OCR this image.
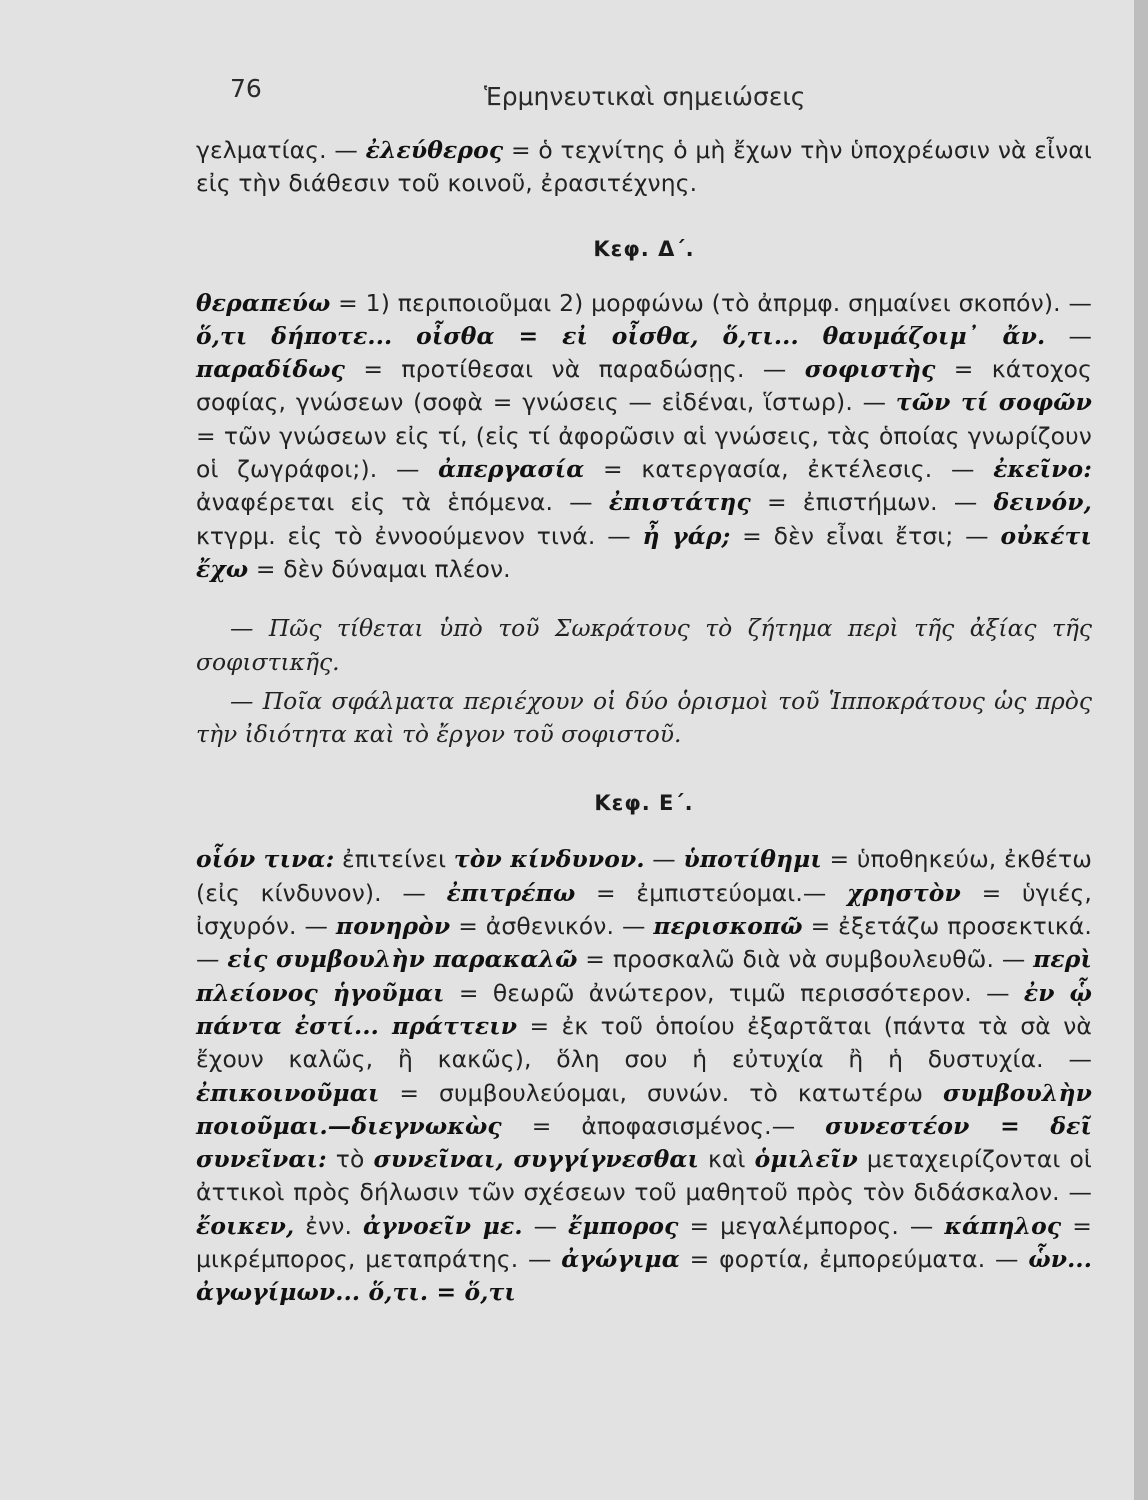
76	Ἑρμηνευτικαὶ σημειώσεις

γελματίας. — ἐλεύθερος = ὁ τεχνίτης ὁ μὴ ἔχων τὴν ὑποχρέωσιν νὰ εἶναι εἰς τὴν διάθεσιν τοῦ κοινοῦ, ἐρασιτέχνης.

Κεφ. Δ΄.

θεραπεύω = 1) περιποιοῦμαι 2) μορφώνω (τὸ ἀπρμφ. σημαίνει σκοπόν). — ὅ,τι δήποτε... οἶσθα = εἰ οἶσθα, ὅ,τι... θαυμάζοιμ᾽ ἄν. — παραδίδως = προτίθεσαι νὰ παραδώσῃς. — σοφιστὴς = κάτοχος σοφίας, γνώσεων (σοφὰ = γνώσεις — εἰδέναι, ἵστωρ). — τῶν τί σοφῶν = τῶν γνώσεων εἰς τί, (εἰς τί ἀφορῶσιν αἱ γνώσεις, τὰς ὁποίας γνωρίζουν οἱ ζωγράφοι;). — ἀπεργασία = κατεργασία, ἐκτέλεσις. — ἐκεῖνο: ἀναφέρεται εἰς τὰ ἑπόμενα. — ἐπιστάτης = ἐπιστήμων. — δεινόν, κτγρμ. εἰς τὸ ἐννοούμενον τινά. — ἦ γάρ; = δὲν εἶναι ἔτσι; — οὐκέτι ἔχω = δὲν δύναμαι πλέον.

— Πῶς τίθεται ὑπὸ τοῦ Σωκράτους τὸ ζήτημα περὶ τῆς ἀξίας τῆς σοφιστικῆς.

— Ποῖα σφάλματα περιέχουν οἱ δύο ὁρισμοὶ τοῦ Ἱπποκράτους ὡς πρὸς τὴν ἰδιότητα καὶ τὸ ἔργον τοῦ σοφιστοῦ.

Κεφ. Ε΄.

οἷόν τινα: ἐπιτείνει τὸν κίνδυνον. — ὑποτίθημι = ὑποθηκεύω, ἐκθέτω (εἰς κίνδυνον). — ἐπιτρέπω = ἐμπιστεύομαι.— χρηστὸν = ὑγιές, ἰσχυρόν. — πονηρὸν = ἀσθενικόν. — περισκοπῶ = ἐξετάζω προσεκτικά. — εἰς συμβουλὴν παρακαλῶ = προσκαλῶ διὰ νὰ συμβουλευθῶ. — περὶ πλείονος ἡγοῦμαι = θεωρῶ ἀνώτερον, τιμῶ περισσότερον. — ἐν ᾧ πάντα ἐστί... πράττειν = ἐκ τοῦ ὁποίου ἐξαρτᾶται (πάντα τὰ σὰ νὰ ἔχουν καλῶς, ἢ κακῶς), ὅλη σου ἡ εὐτυχία ἢ ἡ δυστυχία. — ἐπικοινοῦμαι = συμβουλεύομαι, συνών. τὸ κατωτέρω συμβουλὴν ποιοῦμαι.—διεγνωκὼς = ἀποφασισμένος.— συνεστέον = δεῖ συνεῖναι: τὸ συνεῖναι, συγγίγνεσθαι καὶ ὁμιλεῖν μεταχειρίζονται οἱ ἀττικοὶ πρὸς δήλωσιν τῶν σχέσεων τοῦ μαθητοῦ πρὸς τὸν διδάσκαλον. — ἔοικεν, ἐνν. ἀγνοεῖν με. — ἔμπορος = μεγαλέμπορος. — κάπηλος = μικρέμπορος, μεταπράτης. — ἀγώγιμα = φορτία, ἐμπορεύματα. — ὧν... ἀγωγίμων... ὅ,τι. = ὅ,τι
